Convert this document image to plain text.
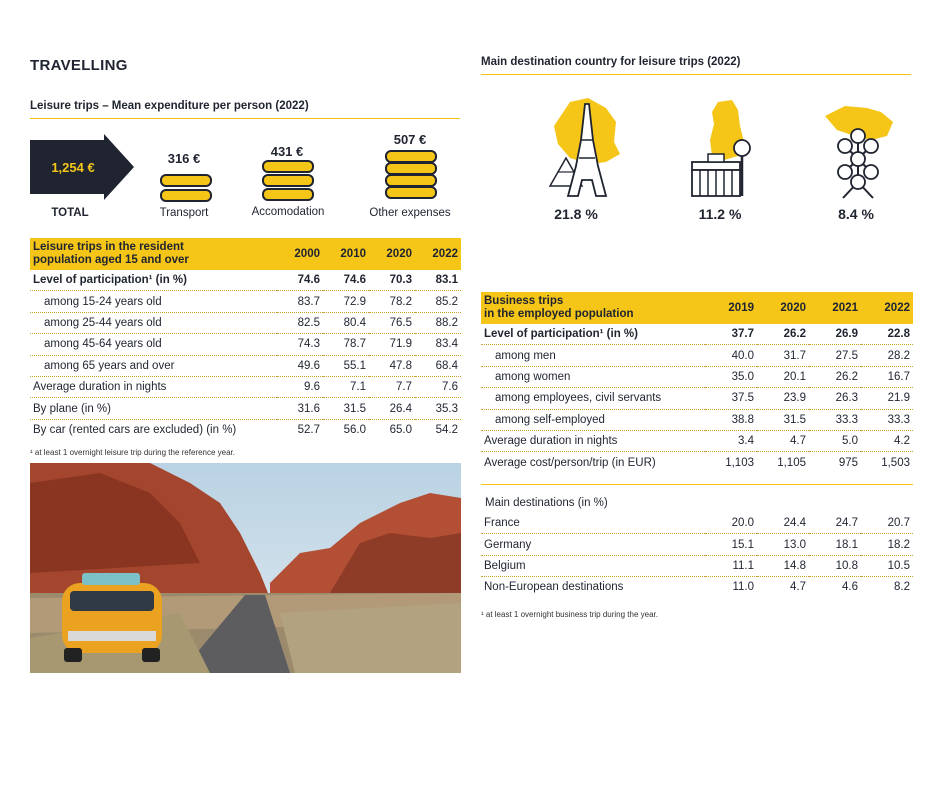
TRAVELLING
Leisure trips – Mean expenditure per person (2022)
1,254 €
TOTAL
316 €
Transport
431 €
Accomodation
507 €
Other expenses
Leisure trips in the resident
population aged 15 and over	2000	2010	2020	2022
Level of participation¹ (in %)	74.6	74.6	70.3	83.1
among 15-24 years old	83.7	72.9	78.2	85.2
among 25-44 years old	82.5	80.4	76.5	88.2
among 45-64 years old	74.3	78.7	71.9	83.4
among 65 years and over	49.6	55.1	47.8	68.4
Average duration in nights	9.6	7.1	7.7	7.6
By plane (in %)	31.6	31.5	26.4	35.3
By car (rented cars are excluded) (in %)	52.7	56.0	65.0	54.2
¹ at least 1 overnight leisure trip during the reference year.
Main destination country for leisure trips (2022)
21.8 %	11.2 %	8.4 %
Business trips
in the employed population	2019	2020	2021	2022
Level of participation¹ (in %)	37.7	26.2	26.9	22.8
among men	40.0	31.7	27.5	28.2
among women	35.0	20.1	26.2	16.7
among employees, civil servants	37.5	23.9	26.3	21.9
among self-employed	38.8	31.5	33.3	33.3
Average duration in nights	3.4	4.7	5.0	4.2
Average cost/person/trip (in EUR)	1,103	1,105	975	1,503
Main destinations (in %)
France	20.0	24.4	24.7	20.7
Germany	15.1	13.0	18.1	18.2
Belgium	11.1	14.8	10.8	10.5
Non-European destinations	11.0	4.7	4.6	8.2
¹ at least 1 overnight business trip during the year.
